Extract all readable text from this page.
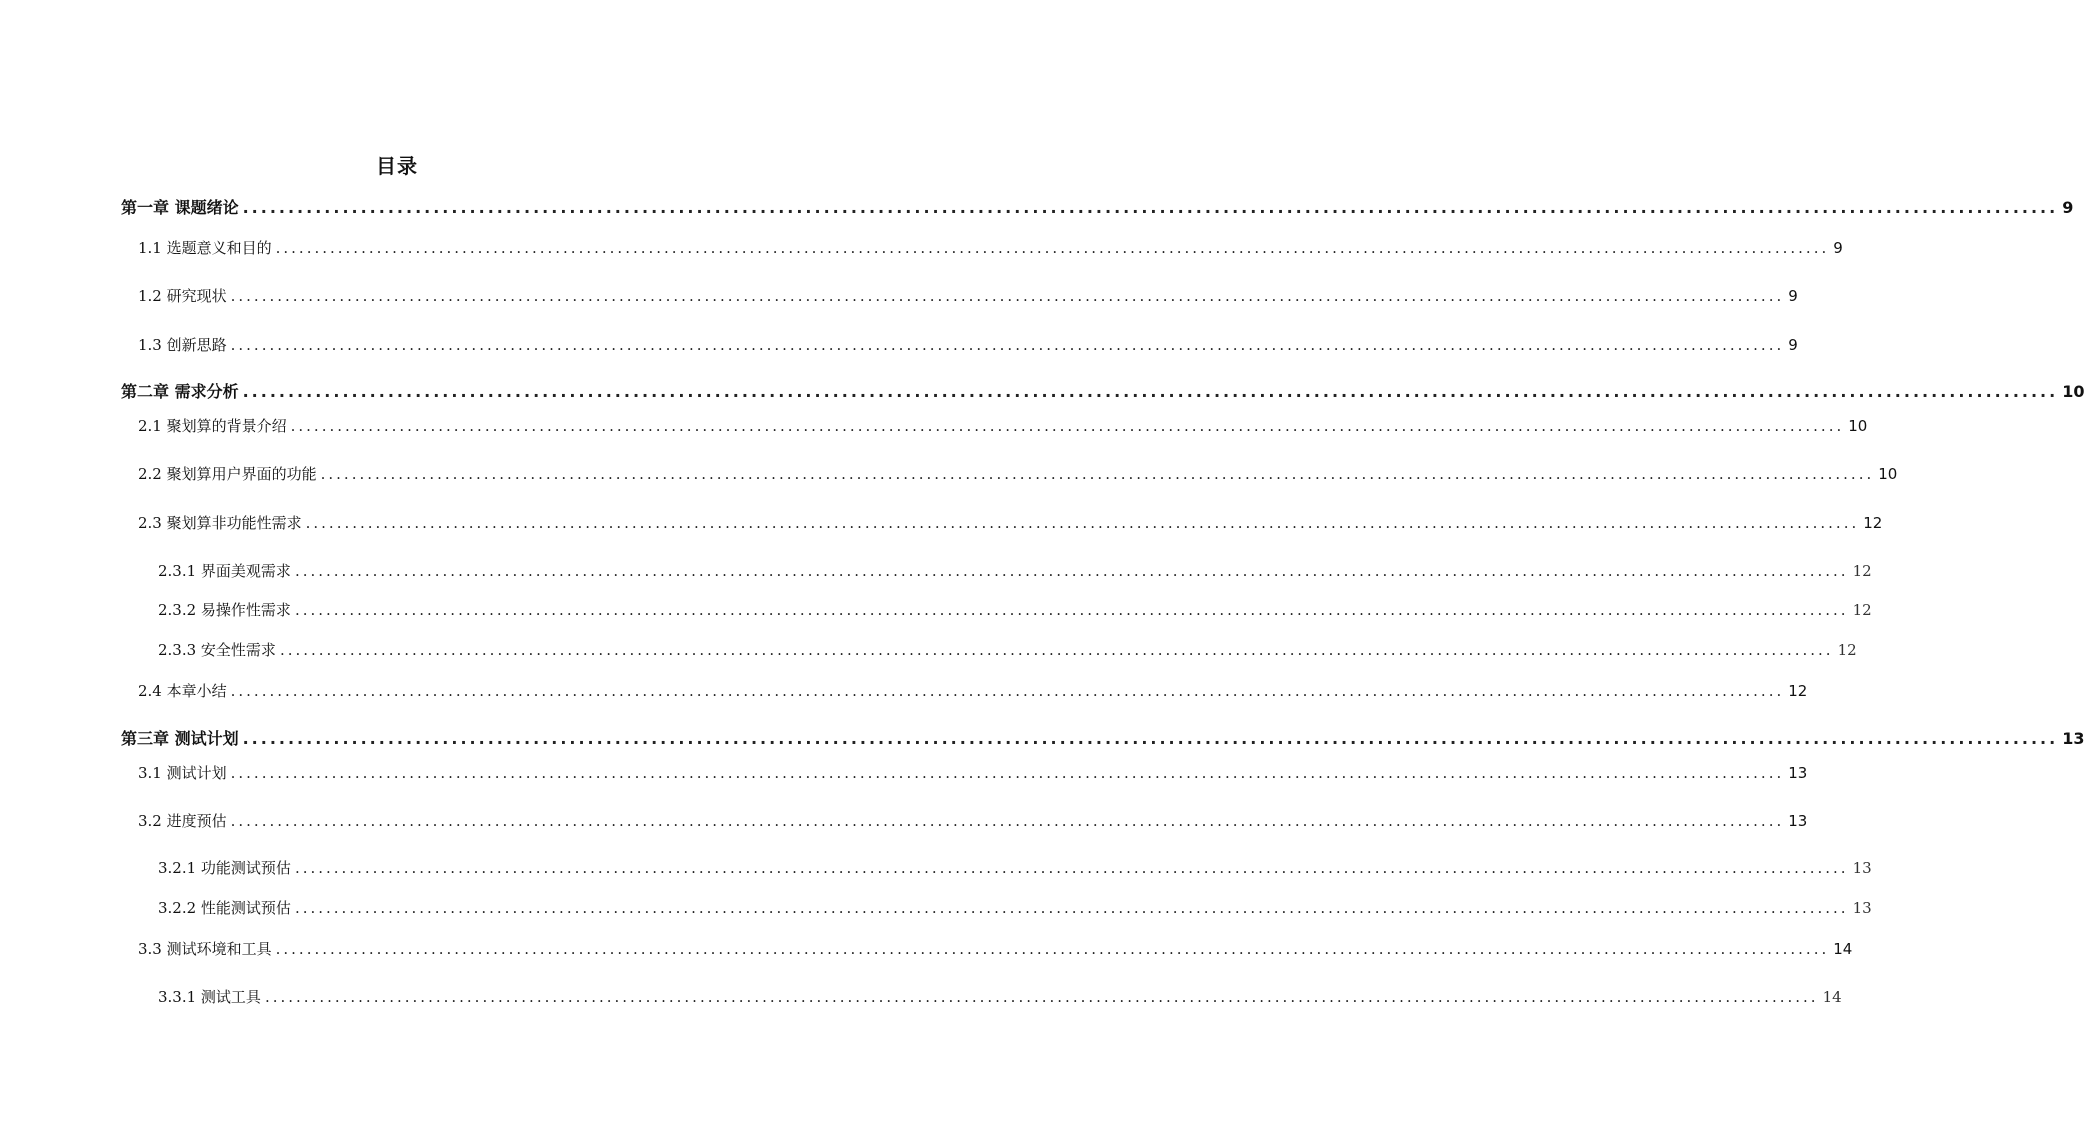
目录
第一章 课题绪论 ........................................................................................................................................................................................................ 9
1.1 选题意义和目的 ........................................................................................................................................................................................................ 9
1.2 研究现状 ........................................................................................................................................................................................................ 9
1.3 创新思路 ........................................................................................................................................................................................................ 9
第二章 需求分析 ........................................................................................................................................................................................................ 10
2.1 聚划算的背景介绍 ........................................................................................................................................................................................................ 10
2.2 聚划算用户界面的功能 ........................................................................................................................................................................................................ 10
2.3 聚划算非功能性需求 ........................................................................................................................................................................................................ 12
2.3.1 界面美观需求 ........................................................................................................................................................................................................ 12
2.3.2 易操作性需求 ........................................................................................................................................................................................................ 12
2.3.3 安全性需求 ........................................................................................................................................................................................................ 12
2.4 本章小结 ........................................................................................................................................................................................................ 12
第三章 测试计划 ........................................................................................................................................................................................................ 13
3.1 测试计划 ........................................................................................................................................................................................................ 13
3.2 进度预估 ........................................................................................................................................................................................................ 13
3.2.1 功能测试预估 ........................................................................................................................................................................................................ 13
3.2.2 性能测试预估 ........................................................................................................................................................................................................ 13
3.3 测试环境和工具 ........................................................................................................................................................................................................ 14
3.3.1 测试工具 ........................................................................................................................................................................................................ 14
